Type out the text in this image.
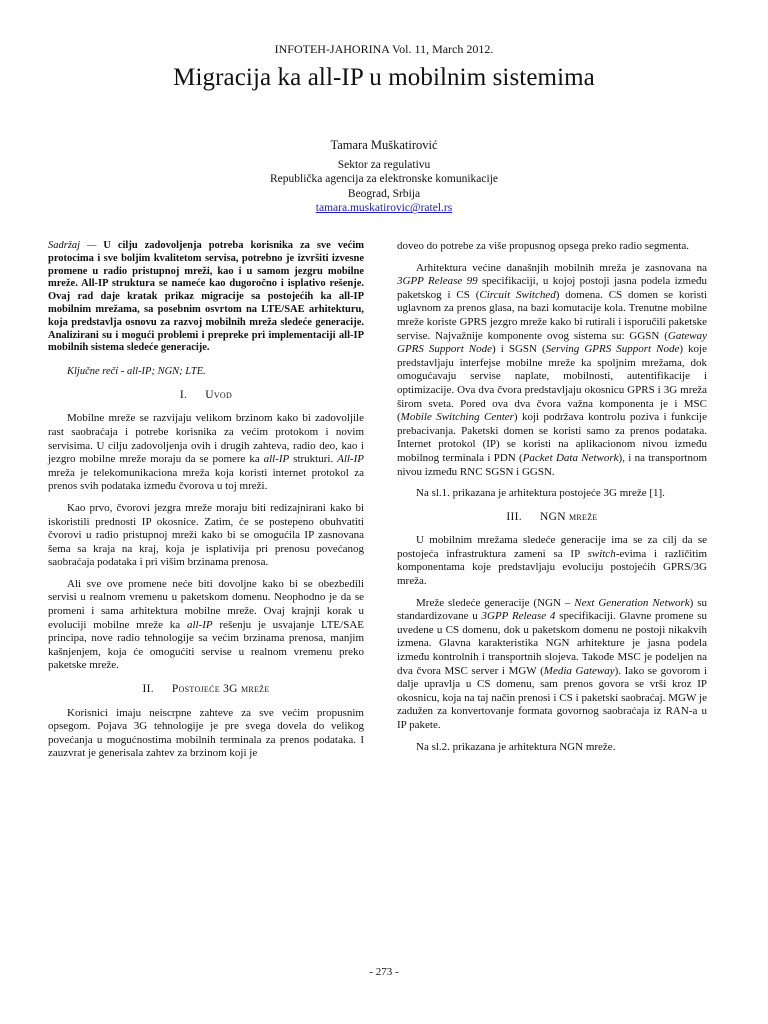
INFOTEH-JAHORINA Vol. 11, March 2012.
Migracija ka all-IP u mobilnim sistemima
Tamara Muškatirović
Sektor za regulativu
Republička agencija za elektronske komunikacije
Beograd, Srbija
tamara.muskatirovic@ratel.rs

Sadržaj — U cilju zadovoljenja potreba korisnika za sve većim protocima i sve boljim kvalitetom servisa, potrebno je izvršiti izvesne promene u radio pristupnoj mreži, kao i u samom jezgru mobilne mreže. All-IP struktura se nameće kao dugoročno i isplativo rešenje. Ovaj rad daje kratak prikaz migracije sa postojećih ka all-IP mobilnim mrežama, sa posebnim osvrtom na LTE/SAE arhitekturu, koja predstavlja osnovu za razvoj mobilnih mreža sledeće generacije. Analizirani su i mogući problemi i prepreke pri implementaciji all-IP mobilnih sistema sledeće generacije.

Ključne reči - all-IP; NGN; LTE.

I. Uvod

Mobilne mreže se razvijaju velikom brzinom kako bi zadovoljile rast saobraćaja i potrebe korisnika za većim protokom i novim servisima. U cilju zadovoljenja ovih i drugih zahteva, radio deo, kao i jezgro mobilne mreže moraju da se pomere ka all-IP strukturi. All-IP mreža je telekomunikaciona mreža koja koristi internet protokol za prenos svih podataka između čvorova u toj mreži.

Kao prvo, čvorovi jezgra mreže moraju biti redizajnirani kako bi iskoristili prednosti IP okosnice. Zatim, će se postepeno obuhvatiti čvorovi u radio pristupnoj mreži kako bi se omogućila IP zasnovana šema sa kraja na kraj, koja je isplativija pri prenosu povećanog saobraćaja podataka i pri višim brzinama prenosa.

Ali sve ove promene neće biti dovoljne kako bi se obezbedili servisi u realnom vremenu u paketskom domenu. Neophodno je da se promeni i sama arhitektura mobilne mreže. Ovaj krajnji korak u evoluciji mobilne mreže ka all-IP rešenju je usvajanje LTE/SAE principa, nove radio tehnologije sa većim brzinama prenosa, manjim kašnjenjem, koja će omogućiti servise u realnom vremenu preko paketske mreže.

II. Postojeće 3G mreže

Korisnici imaju neiscrpne zahteve za sve većim propusnim opsegom. Pojava 3G tehnologije je pre svega dovela do velikog povećanja u mogućnostima mobilnih terminala za prenos podataka. I zauzvrat je generisala zahtev za brzinom koji je

doveo do potrebe za više propusnog opsega preko radio segmenta.

Arhitektura većine današnjih mobilnih mreža je zasnovana na 3GPP Release 99 specifikaciji, u kojoj postoji jasna podela između paketskog i CS (Circuit Switched) domena. CS domen se koristi uglavnom za prenos glasa, na bazi komutacije kola. Trenutne mobilne mreže koriste GPRS jezgro mreže kako bi rutirali i isporučili paketske servise. Najvažnije komponente ovog sistema su: GGSN (Gateway GPRS Support Node) i SGSN (Serving GPRS Support Node) koje predstavljaju interfejse mobilne mreže ka spoljnim mrežama, dok omogućavaju servise naplate, mobilnosti, autentifikacije i optimizacije. Ova dva čvora predstavljaju okosnicu GPRS i 3G mreža širom sveta. Pored ova dva čvora važna komponenta je i MSC (Mobile Switching Center) koji podržava kontrolu poziva i funkcije prebacivanja. Paketski domen se koristi samo za prenos podataka. Internet protokol (IP) se koristi na aplikacionom nivou između mobilnog terminala i PDN (Packet Data Network), i na transportnom nivou između RNC SGSN i GGSN.

Na sl.1. prikazana je arhitektura postojeće 3G mreže [1].

III. NGN mreže

U mobilnim mrežama sledeće generacije ima se za cilj da se postojeća infrastruktura zameni sa IP switch-evima i različitim komponentama koje predstavljaju evoluciju postojećih GPRS/3G mreža.

Mreže sledeće generacije (NGN – Next Generation Network) su standardizovane u 3GPP Release 4 specifikaciji. Glavne promene su uvedene u CS domenu, dok u paketskom domenu ne postoji nikakvih izmena. Glavna karakteristika NGN arhitekture je jasna podela između kontrolnih i transportnih slojeva. Takođe MSC je podeljen na dva čvora MSC server i MGW (Media Gateway). Iako se govorom i dalje upravlja u CS domenu, sam prenos govora se vrši kroz IP okosnicu, koja na taj način prenosi i CS i paketski saobraćaj. MGW je zadužen za konvertovanje formata govornog saobraćaja iz RAN-a u IP pakete.

Na sl.2. prikazana je arhitektura NGN mreže.

- 273 -
